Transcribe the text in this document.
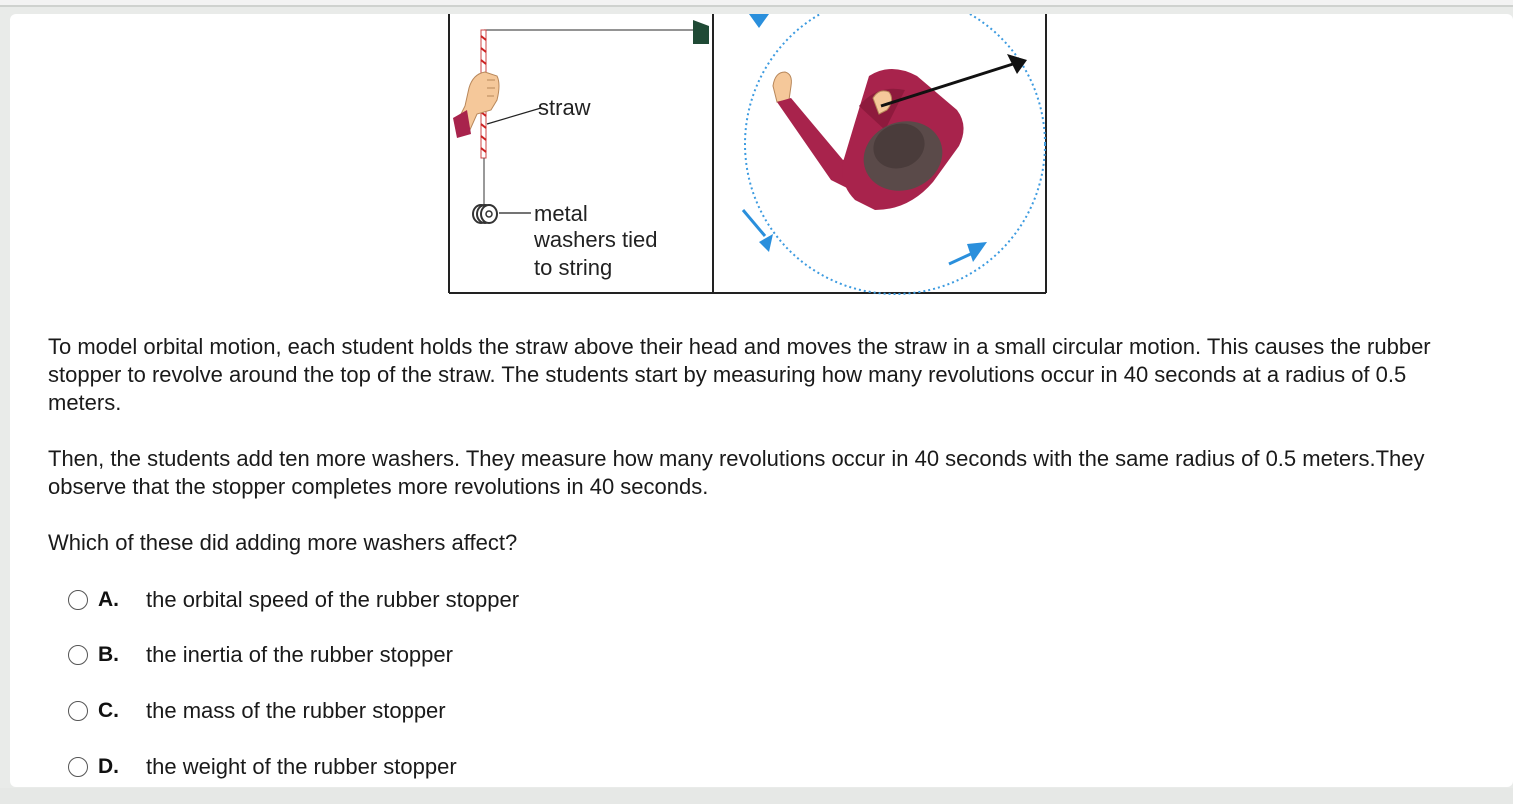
straw
metal
washers tied
to string

To model orbital motion, each student holds the straw above their head and moves the straw in a small circular motion. This causes the rubber stopper to revolve around the top of the straw. The students start by measuring how many revolutions occur in 40 seconds at a radius of 0.5 meters.

Then, the students add ten more washers. They measure how many revolutions occur in 40 seconds with the same radius of 0.5 meters.They observe that the stopper completes more revolutions in 40 seconds.

Which of these did adding more washers affect?

A.	the orbital speed of the rubber stopper
B.	the inertia of the rubber stopper
C.	the mass of the rubber stopper
D.	the weight of the rubber stopper
